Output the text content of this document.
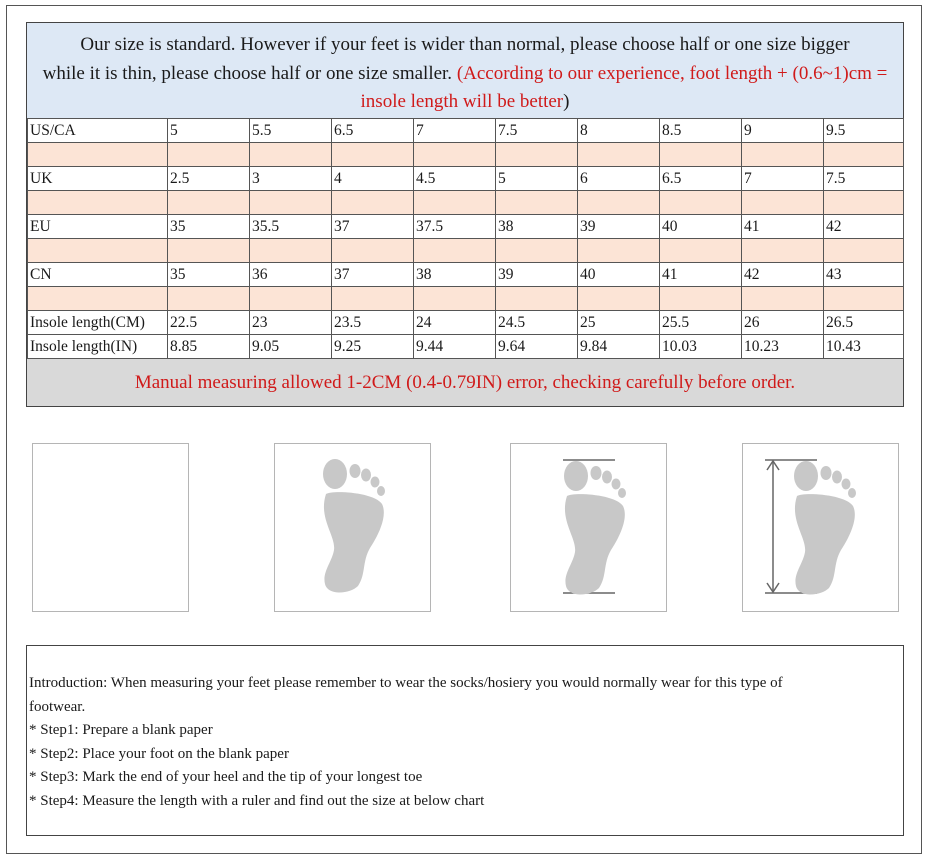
Our size is standard. However if your feet is wider than normal, please choose half or one size bigger
while it is thin, please choose half or one size smaller. (According to our experience, foot length + (0.6~1)cm = insole length will be better)
US/CA	5	5.5	6.5	7	7.5	8	8.5	9	9.5

UK	2.5	3	4	4.5	5	6	6.5	7	7.5

EU	35	35.5	37	37.5	38	39	40	41	42

CN	35	36	37	38	39	40	41	42	43

Insole length(CM)	22.5	23	23.5	24	24.5	25	25.5	26	26.5
Insole length(IN)	8.85	9.05	9.25	9.44	9.64	9.84	10.03	10.23	10.43
Manual measuring allowed 1-2CM (0.4-0.79IN) error, checking carefully before order.

Introduction: When measuring your feet please remember to wear the socks/hosiery you would normally wear for this type of footwear.

* Step1: Prepare a blank paper

* Step2: Place your foot on the blank paper

* Step3: Mark the end of your heel and the tip of your longest toe

* Step4: Measure the length with a ruler and find out the size at below chart
